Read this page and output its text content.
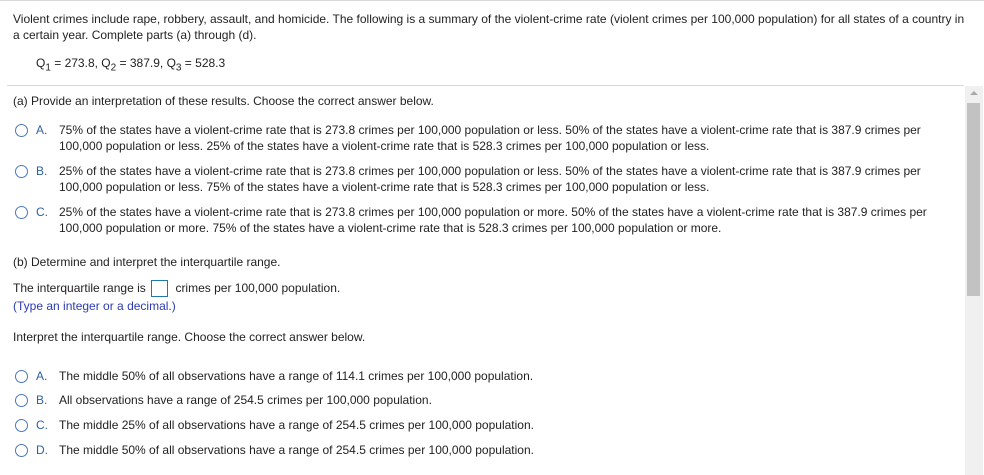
Violent crimes include rape, robbery, assault, and homicide. The following is a summary of the violent-crime rate (violent crimes per 100,000 population) for all states of a country in a certain year. Complete parts (a) through (d).
$Q_1 = 273.8$, $Q_2 = 387.9$, $Q_3 = 528.3$
(a) Provide an interpretation of these results. Choose the correct answer below.
A. 75% of the states have a violent-crime rate that is 273.8 crimes per 100,000 population or less. 50% of the states have a violent-crime rate that is 387.9 crimes per 100,000 population or less. 25% of the states have a violent-crime rate that is 528.3 crimes per 100,000 population or less.
B. 25% of the states have a violent-crime rate that is 273.8 crimes per 100,000 population or less. 50% of the states have a violent-crime rate that is 387.9 crimes per 100,000 population or less. 75% of the states have a violent-crime rate that is 528.3 crimes per 100,000 population or less.
C. 25% of the states have a violent-crime rate that is 273.8 crimes per 100,000 population or more. 50% of the states have a violent-crime rate that is 387.9 crimes per 100,000 population or more. 75% of the states have a violent-crime rate that is 528.3 crimes per 100,000 population or more.
(b) Determine and interpret the interquartile range.
The interquartile range is crimes per 100,000 population.
(Type an integer or a decimal.)
Interpret the interquartile range. Choose the correct answer below.
A. The middle 50% of all observations have a range of 114.1 crimes per 100,000 population.
B. All observations have a range of 254.5 crimes per 100,000 population.
C. The middle 25% of all observations have a range of 254.5 crimes per 100,000 population.
D. The middle 50% of all observations have a range of 254.5 crimes per 100,000 population.
